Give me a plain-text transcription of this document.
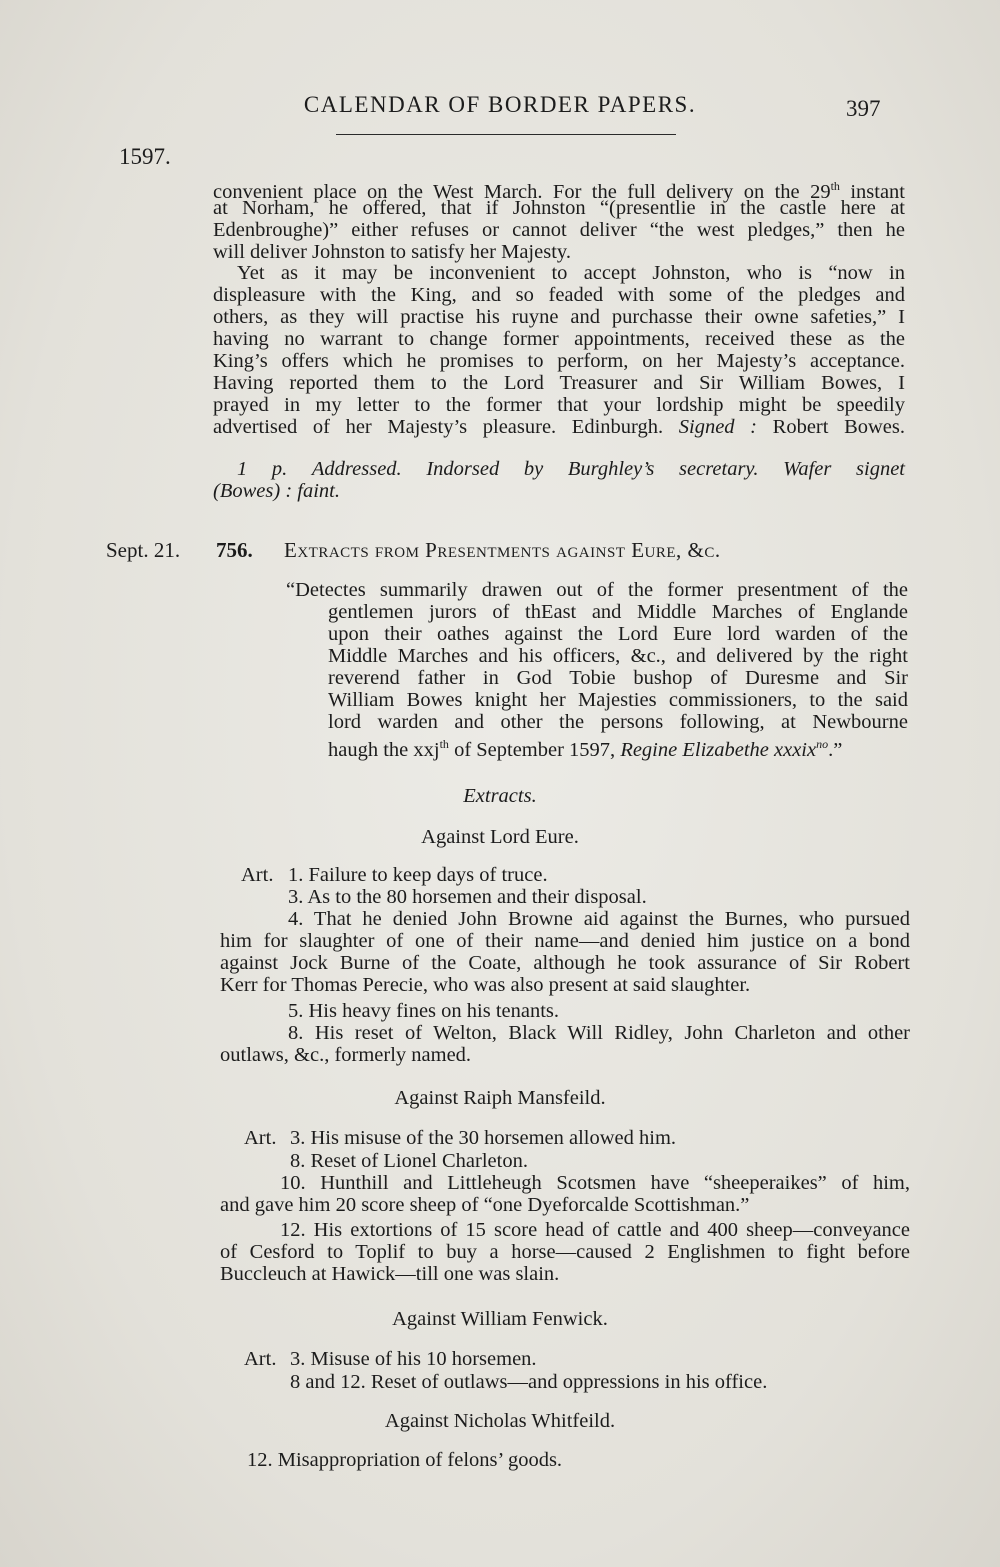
CALENDAR OF BORDER PAPERS.	397
1597.
convenient place on the West March. For the full delivery on the 29th instant
at Norham, he offered, that if Johnston “(presentlie in the castle here at
Edenbroughe)” either refuses or cannot deliver “the west pledges,” then he
will deliver Johnston to satisfy her Majesty.
Yet as it may be inconvenient to accept Johnston, who is “now in
displeasure with the King, and so feaded with some of the pledges and
others, as they will practise his ruyne and purchasse their owne safeties,” I
having no warrant to change former appointments, received these as the
King’s offers which he promises to perform, on her Majesty’s acceptance.
Having reported them to the Lord Treasurer and Sir William Bowes, I
prayed in my letter to the former that your lordship might be speedily
advertised of her Majesty’s pleasure. Edinburgh. Signed : Robert Bowes.
1 p. Addressed. Indorsed by Burghley’s secretary. Wafer signet
(Bowes) : faint.
Sept. 21. 756. Extracts from Presentments against Eure, &c.
“Detectes summarily drawen out of the former presentment of the
gentlemen jurors of thEast and Middle Marches of Englande
upon their oathes against the Lord Eure lord warden of the
Middle Marches and his officers, &c., and delivered by the right
reverend father in God Tobie bushop of Duresme and Sir
William Bowes knight her Majesties commissioners, to the said
lord warden and other the persons following, at Newbourne
haugh the xxj$^{th}$ of September 1597, Regine Elizabethe xxxix$^{no}$.”
Extracts.
Against Lord Eure.
Art. 1. Failure to keep days of truce.
3. As to the 80 horsemen and their disposal.
4. That he denied John Browne aid against the Burnes, who pursued
him for slaughter of one of their name—and denied him justice on a bond
against Jock Burne of the Coate, although he took assurance of Sir Robert
Kerr for Thomas Perecie, who was also present at said slaughter.
5. His heavy fines on his tenants.
8. His reset of Welton, Black Will Ridley, John Charleton and other
outlaws, &c., formerly named.
Against Raiph Mansfeild.
Art. 3. His misuse of the 30 horsemen allowed him.
8. Reset of Lionel Charleton.
10. Hunthill and Littleheugh Scotsmen have “sheeperaikes” of him,
and gave him 20 score sheep of “one Dyeforcalde Scottishman.”
12. His extortions of 15 score head of cattle and 400 sheep—conveyance
of Cesford to Toplif to buy a horse—caused 2 Englishmen to fight before
Buccleuch at Hawick—till one was slain.
Against William Fenwick.
Art. 3. Misuse of his 10 horsemen.
8 and 12. Reset of outlaws—and oppressions in his office.
Against Nicholas Whitfeild.
12. Misappropriation of felons’ goods.
